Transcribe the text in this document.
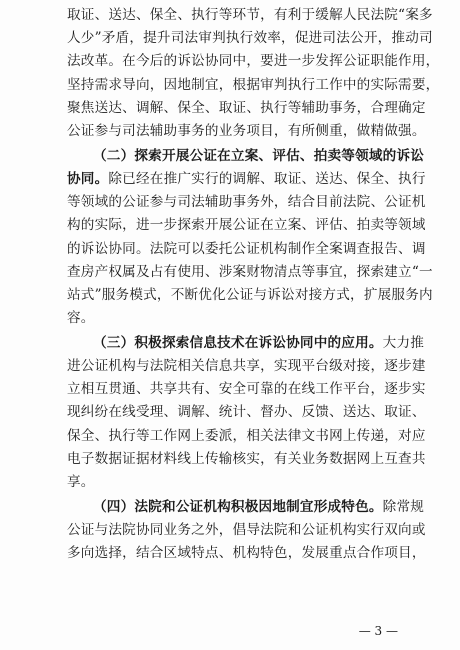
取证、送达、保全、执行等环节，有利于缓解人民法院“案多
人少”矛盾，提升司法审判执行效率，促进司法公开，推动司
法改革。在今后的诉讼协同中，要进一步发挥公证职能作用，
坚持需求导向，因地制宜，根据审判执行工作中的实际需要，
聚焦送达、调解、保全、取证、执行等辅助事务，合理确定
公证参与司法辅助事务的业务项目，有所侧重，做精做强。
（二）探索开展公证在立案、评估、拍卖等领域的诉讼
协同。除已经在推广实行的调解、取证、送达、保全、执行
等领域的公证参与司法辅助事务外，结合目前法院、公证机
构的实际，进一步探索开展公证在立案、评估、拍卖等领域
的诉讼协同。法院可以委托公证机构制作全案调查报告、调
查房产权属及占有使用、涉案财物清点等事宜，探索建立“一
站式”服务模式，不断优化公证与诉讼对接方式，扩展服务内
容。
（三）积极探索信息技术在诉讼协同中的应用。大力推
进公证机构与法院相关信息共享，实现平台级对接，逐步建
立相互贯通、共享共有、安全可靠的在线工作平台，逐步实
现纠纷在线受理、调解、统计、督办、反馈、送达、取证、
保全、执行等工作网上委派，相关法律文书网上传递，对应
电子数据证据材料线上传输核实，有关业务数据网上互查共
享。
（四）法院和公证机构积极因地制宜形成特色。除常规
公证与法院协同业务之外，倡导法院和公证机构实行双向或
多向选择，结合区域特点、机构特色，发展重点合作项目，
— 3 —
